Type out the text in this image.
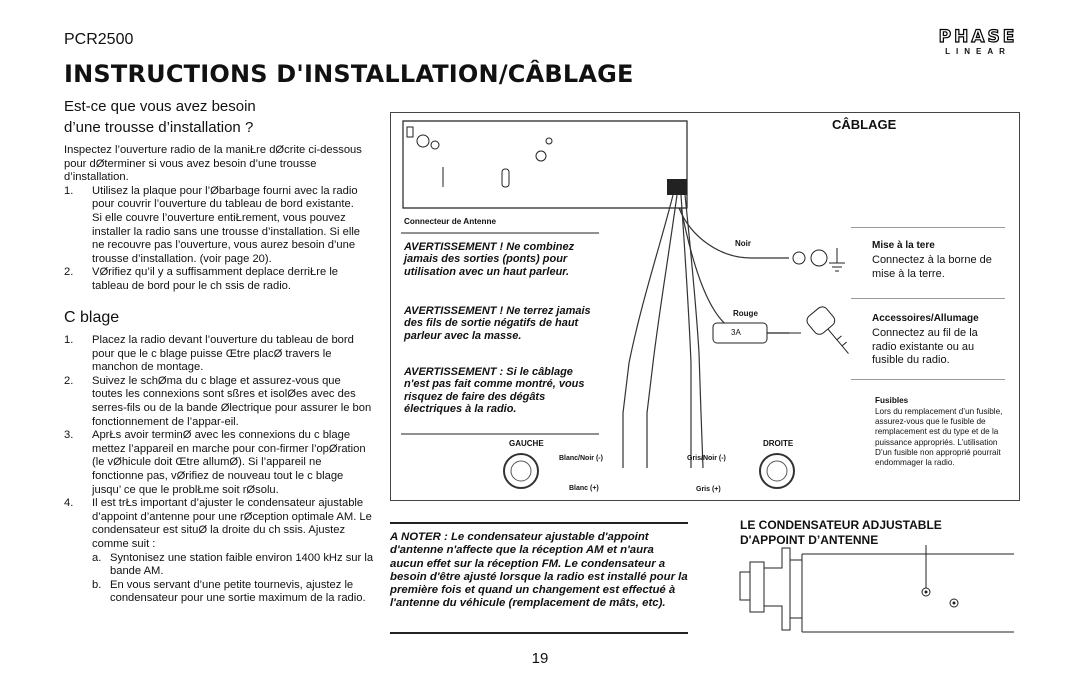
PCR2500	PHASE
LINEAR
INSTRUCTIONS D'INSTALLATION/CÂBLAGE
Est-ce que vous avez besoin
d’une trousse d’installation ?
Inspectez l’ouverture radio de la maniŁre dØcrite ci-dessous pour dØterminer si vous avez besoin d’une trousse d’installation.
1. Utilisez la plaque pour l’Øbarbage fourni avec la radio pour couvrir l’ouverture du tableau de bord existante. Si elle couvre l’ouverture entiŁrement, vous pouvez installer la radio sans une trousse d’installation. Si elle ne recouvre pas l’ouverture, vous aurez besoin d’une trousse d’installation. (voir page 20).
2. VØrifiez qu’il y a suffisamment deplace derriŁre le tableau de bord pour le ch ssis de radio.
C blage
1. Placez la radio devant l’ouverture du tableau de bord pour que le c blage puisse Œtre placØ travers le manchon de montage.
2. Suivez le schØma du c blage et assurez-vous que toutes les connexions sont sßres et isolØes avec des serres-fils ou de la bande Ølectrique pour assurer le bon fonctionnement de l’appar-eil.
3. AprŁs avoir terminØ avec les connexions du c blage mettez l’appareil en marche pour con-firmer l’opØration (le vØhicule doit Œtre allumØ). Si l’appareil ne fonctionne pas, vØrifiez de nouveau tout le c blage jusqu’ ce que le problŁme soit rØsolu.
4. Il est trŁs important d’ajuster le condensateur ajustable d’appoint d’antenne pour une rØception optimale AM. Le condensateur est situØ la droite du ch ssis. Ajustez comme suit :
a. Syntonisez une station faible environ 1400 kHz sur la bande AM.
b. En vous servant d’une petite tournevis, ajustez le condensateur pour une sortie maximum de la radio.
CÂBLAGE
Connecteur de Antenne
AVERTISSEMENT ! Ne combinez jamais des sorties (ponts) pour utilisation avec un haut parleur.
AVERTISSEMENT ! Ne terrez jamais des fils de sortie négatifs de haut parleur avec la masse.
AVERTISSEMENT : Si le câblage n'est pas fait comme montré, vous risquez de faire des dégâts électriques à la radio.
Noir
Rouge
3A
GAUCHE	DROITE
Blanc/Noir (-)
Blanc (+)
Gris/Noir (-)
Gris (+)
Mise à la tere
Connectez à la borne de mise à la terre.
Accessoires/Allumage
Connectez au fil de la radio existante ou au fusible du radio.
Fusibles
Lors du remplacement d’un fusible, assurez-vous que le fusible de remplacement est du type et de la puissance appropriés. L’utilisation D’un fusible non approprié pourrait endommager la radio.
A NOTER : Le condensateur ajustable d'appoint d'antenne n'affecte que la réception AM et n'aura aucun effet sur la réception FM. Le condensateur a besoin d'être ajusté lorsque la radio est installé pour la première fois et quand un changement est effectué à l'antenne du véhicule (remplacement de mâts, etc).
LE CONDENSATEUR ADJUSTABLE
D'APPOINT D’ANTENNE
19
